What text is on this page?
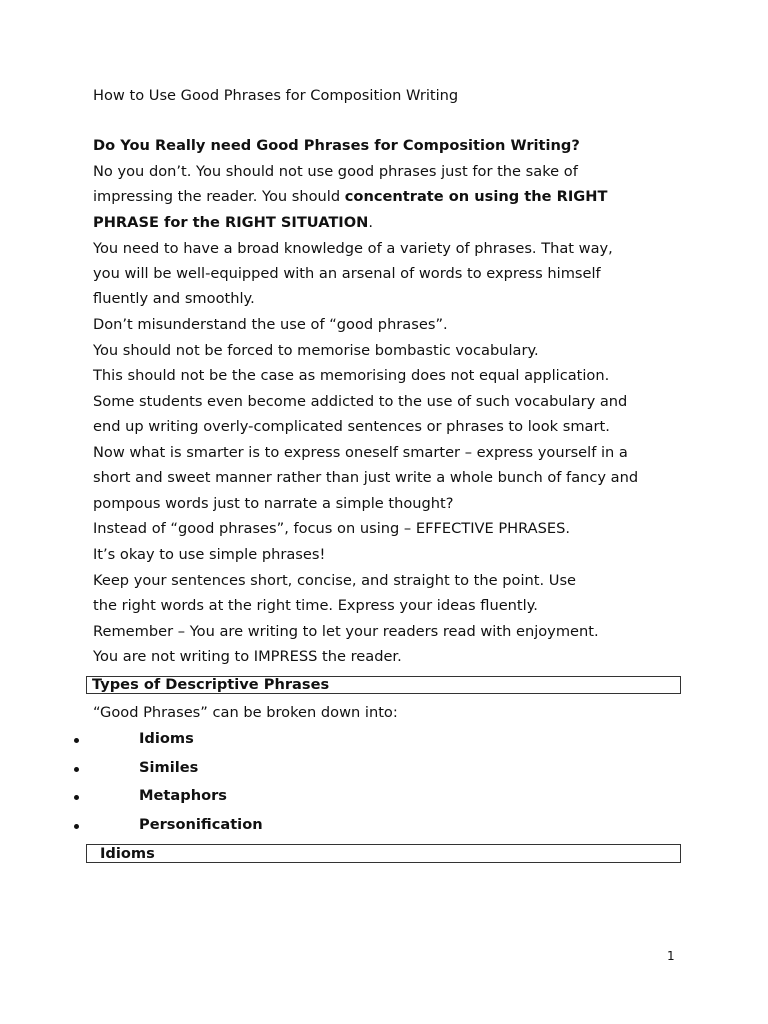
How to Use Good Phrases for Composition Writing
Do You Really need Good Phrases for Composition Writing?
No you don’t. You should not use good phrases just for the sake of
impressing the reader. You should concentrate on using the RIGHT
PHRASE for the RIGHT SITUATION.
You need to have a broad knowledge of a variety of phrases. That way,
you will be well-equipped with an arsenal of words to express himself
fluently and smoothly.
Don’t misunderstand the use of “good phrases”.
You should not be forced to memorise bombastic vocabulary.
This should not be the case as memorising does not equal application.
Some students even become addicted to the use of such vocabulary and
end up writing overly-complicated sentences or phrases to look smart.
Now what is smarter is to express oneself smarter – express yourself in a
short and sweet manner rather than just write a whole bunch of fancy and
pompous words just to narrate a simple thought?
Instead of “good phrases”, focus on using – EFFECTIVE PHRASES.
It’s okay to use simple phrases!
Keep your sentences short, concise, and straight to the point. Use
the right words at the right time. Express your ideas fluently.
Remember – You are writing to let your readers read with enjoyment.
You are not writing to IMPRESS the reader.
Types of Descriptive Phrases
“Good Phrases” can be broken down into:
Idioms
Similes
Metaphors
Personification
Idioms
1
